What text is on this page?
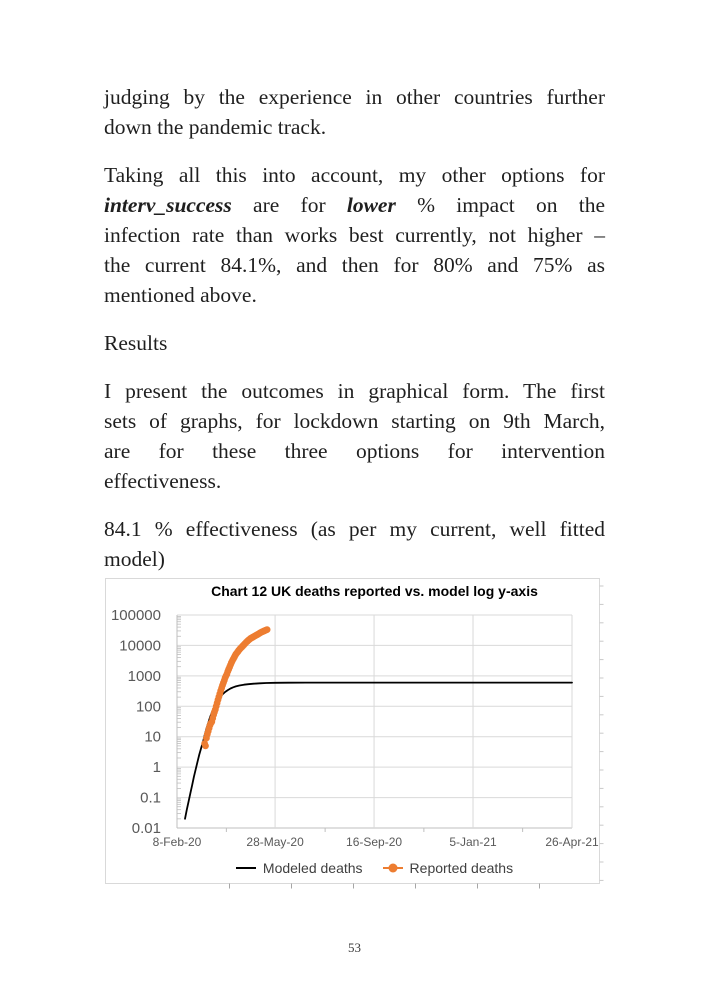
judging by the experience in other countries further
down the pandemic track.
Taking all this into account, my other options for
interv_success are for lower % impact on the
infection rate than works best currently, not higher –
the current 84.1%, and then for 80% and 75% as
mentioned above.
Results
I present the outcomes in graphical form. The first
sets of graphs, for lockdown starting on 9th March,
are for these three options for intervention
effectiveness.
84.1 % effectiveness (as per my current, well fitted
model)
Chart 12 UK deaths reported vs. model log y-axis
100000
10000
1000
100
10
1
0.1
0.01
8-Feb-20	28-May-20	16-Sep-20	5-Jan-21	26-Apr-21
Modeled deaths	Reported deaths
53
